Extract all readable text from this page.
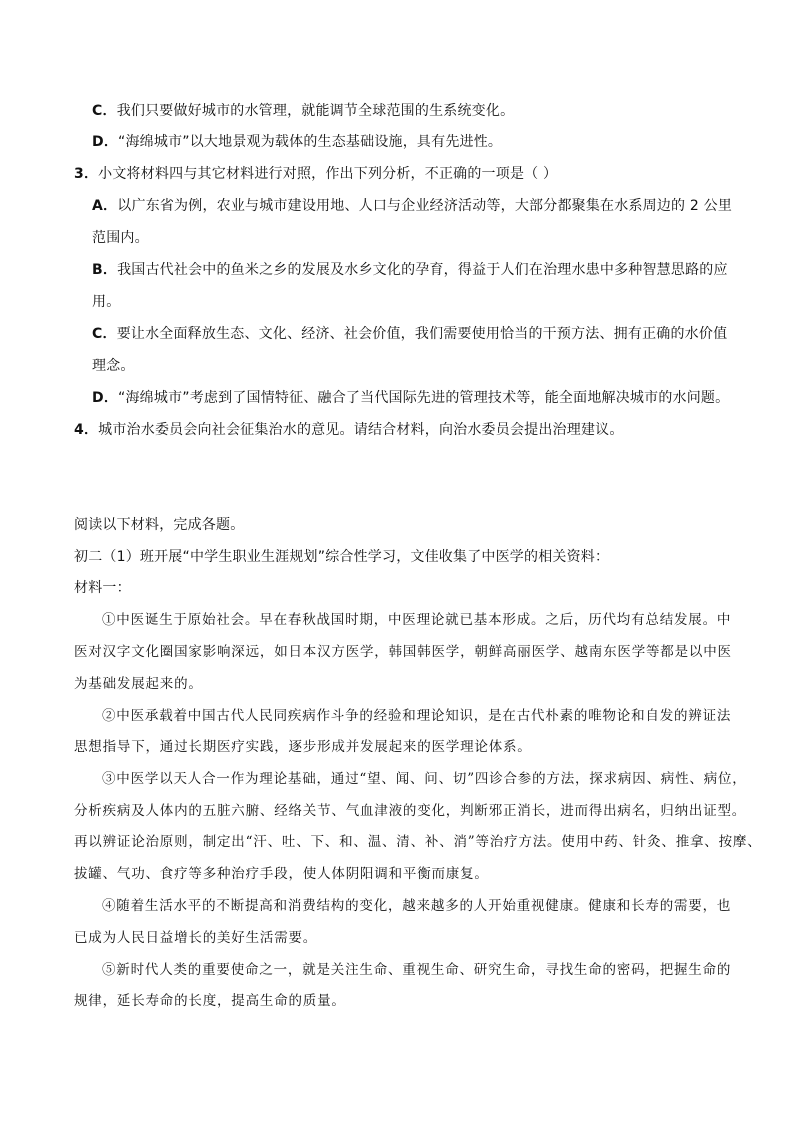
C．我们只要做好城市的水管理，就能调节全球范围的生系统变化。
D．“海绵城市”以大地景观为载体的生态基础设施，具有先进性。
3．小文将材料四与其它材料进行对照，作出下列分析，不正确的一项是（ ）
A．以广东省为例，农业与城市建设用地、人口与企业经济活动等，大部分都聚集在水系周边的 2 公里
范围内。
B．我国古代社会中的鱼米之乡的发展及水乡文化的孕育，得益于人们在治理水患中多种智慧思路的应
用。
C．要让水全面释放生态、文化、经济、社会价值，我们需要使用恰当的干预方法、拥有正确的水价值
理念。
D．“海绵城市”考虑到了国情特征、融合了当代国际先进的管理技术等，能全面地解决城市的水问题。
4．城市治水委员会向社会征集治水的意见。请结合材料，向治水委员会提出治理建议。
阅读以下材料，完成各题。
初二（1）班开展“中学生职业生涯规划”综合性学习，文佳收集了中医学的相关资料：
材料一：
①中医诞生于原始社会。早在春秋战国时期，中医理论就已基本形成。之后，历代均有总结发展。中
医对汉字文化圈国家影响深远，如日本汉方医学，韩国韩医学，朝鲜高丽医学、越南东医学等都是以中医
为基础发展起来的。
②中医承载着中国古代人民同疾病作斗争的经验和理论知识，是在古代朴素的唯物论和自发的辨证法
思想指导下，通过长期医疗实践，逐步形成并发展起来的医学理论体系。
③中医学以天人合一作为理论基础，通过“望、闻、问、切”四诊合参的方法，探求病因、病性、病位，
分析疾病及人体内的五脏六腑、经络关节、气血津液的变化，判断邪正消长，进而得出病名，归纳出证型。
再以辨证论治原则，制定出“汗、吐、下、和、温、清、补、消”等治疗方法。使用中药、针灸、推拿、按摩、
拔罐、气功、食疗等多种治疗手段，使人体阴阳调和平衡而康复。
④随着生活水平的不断提高和消费结构的变化，越来越多的人开始重视健康。健康和长寿的需要，也
已成为人民日益增长的美好生活需要。
⑤新时代人类的重要使命之一，就是关注生命、重视生命、研究生命，寻找生命的密码，把握生命的
规律，延长寿命的长度，提高生命的质量。
